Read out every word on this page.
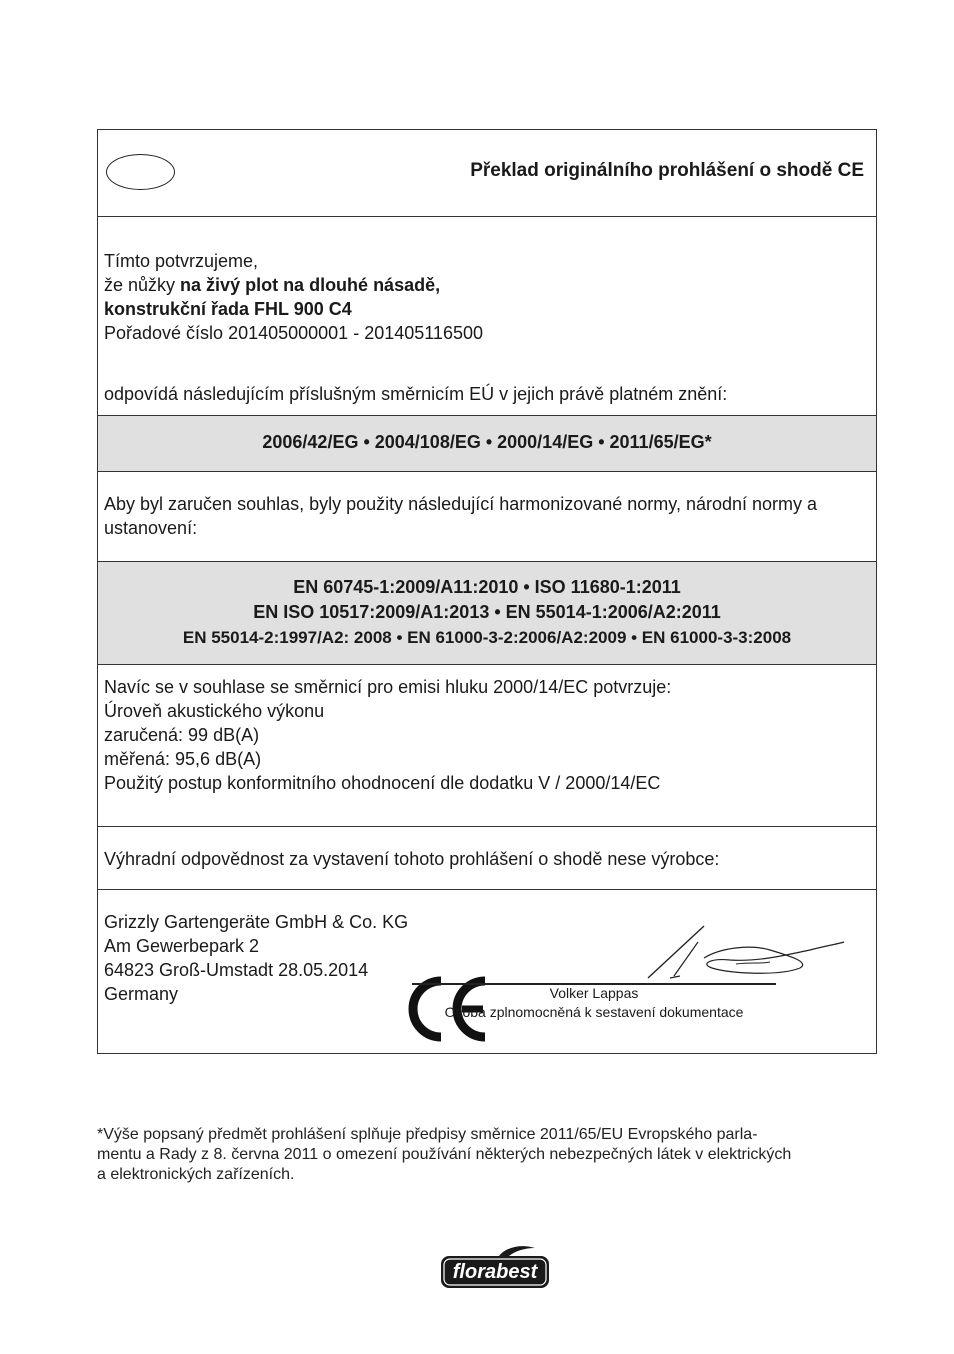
Překlad originálního prohlášení o shodě CE
Tímto potvrzujeme,
že nůžky na živý plot na dlouhé násadě,
konstrukční řada FHL 900 C4
Pořadové číslo 201405000001 - 201405116500
odpovídá následujícím příslušným směrnicím EÚ v jejich právě platném znění:
2006/42/EG • 2004/108/EG • 2000/14/EG • 2011/65/EG*
Aby byl zaručen souhlas, byly použity následující harmonizované normy, národní normy a ustanovení:
EN 60745-1:2009/A11:2010 • ISO 11680-1:2011
EN ISO 10517:2009/A1:2013 • EN 55014-1:2006/A2:2011
EN 55014-2:1997/A2: 2008 • EN 61000-3-2:2006/A2:2009 • EN 61000-3-3:2008
Navíc se v souhlase se směrnicí pro emisi hluku 2000/14/EC potvrzuje:
Úroveň akustického výkonu
zaručená: 99 dB(A)
měřená: 95,6 dB(A)
Použitý postup konformitního ohodnocení dle dodatku V / 2000/14/EC
Výhradní odpovědnost za vystavení tohoto prohlášení o shodě nese výrobce:
Grizzly Gartengeräte GmbH & Co. KG
Am Gewerbepark 2
64823 Groß-Umstadt 28.05.2014
Germany	Volker Lappas
Osoba zplnomocněná k sestavení dokumentace
*Výše popsaný předmět prohlášení splňuje předpisy směrnice 2011/65/EU Evropského parla-
mentu a Rady z 8. června 2011 o omezení používání některých nebezpečných látek v elektrických
a elektronických zařízeních.
florabest
